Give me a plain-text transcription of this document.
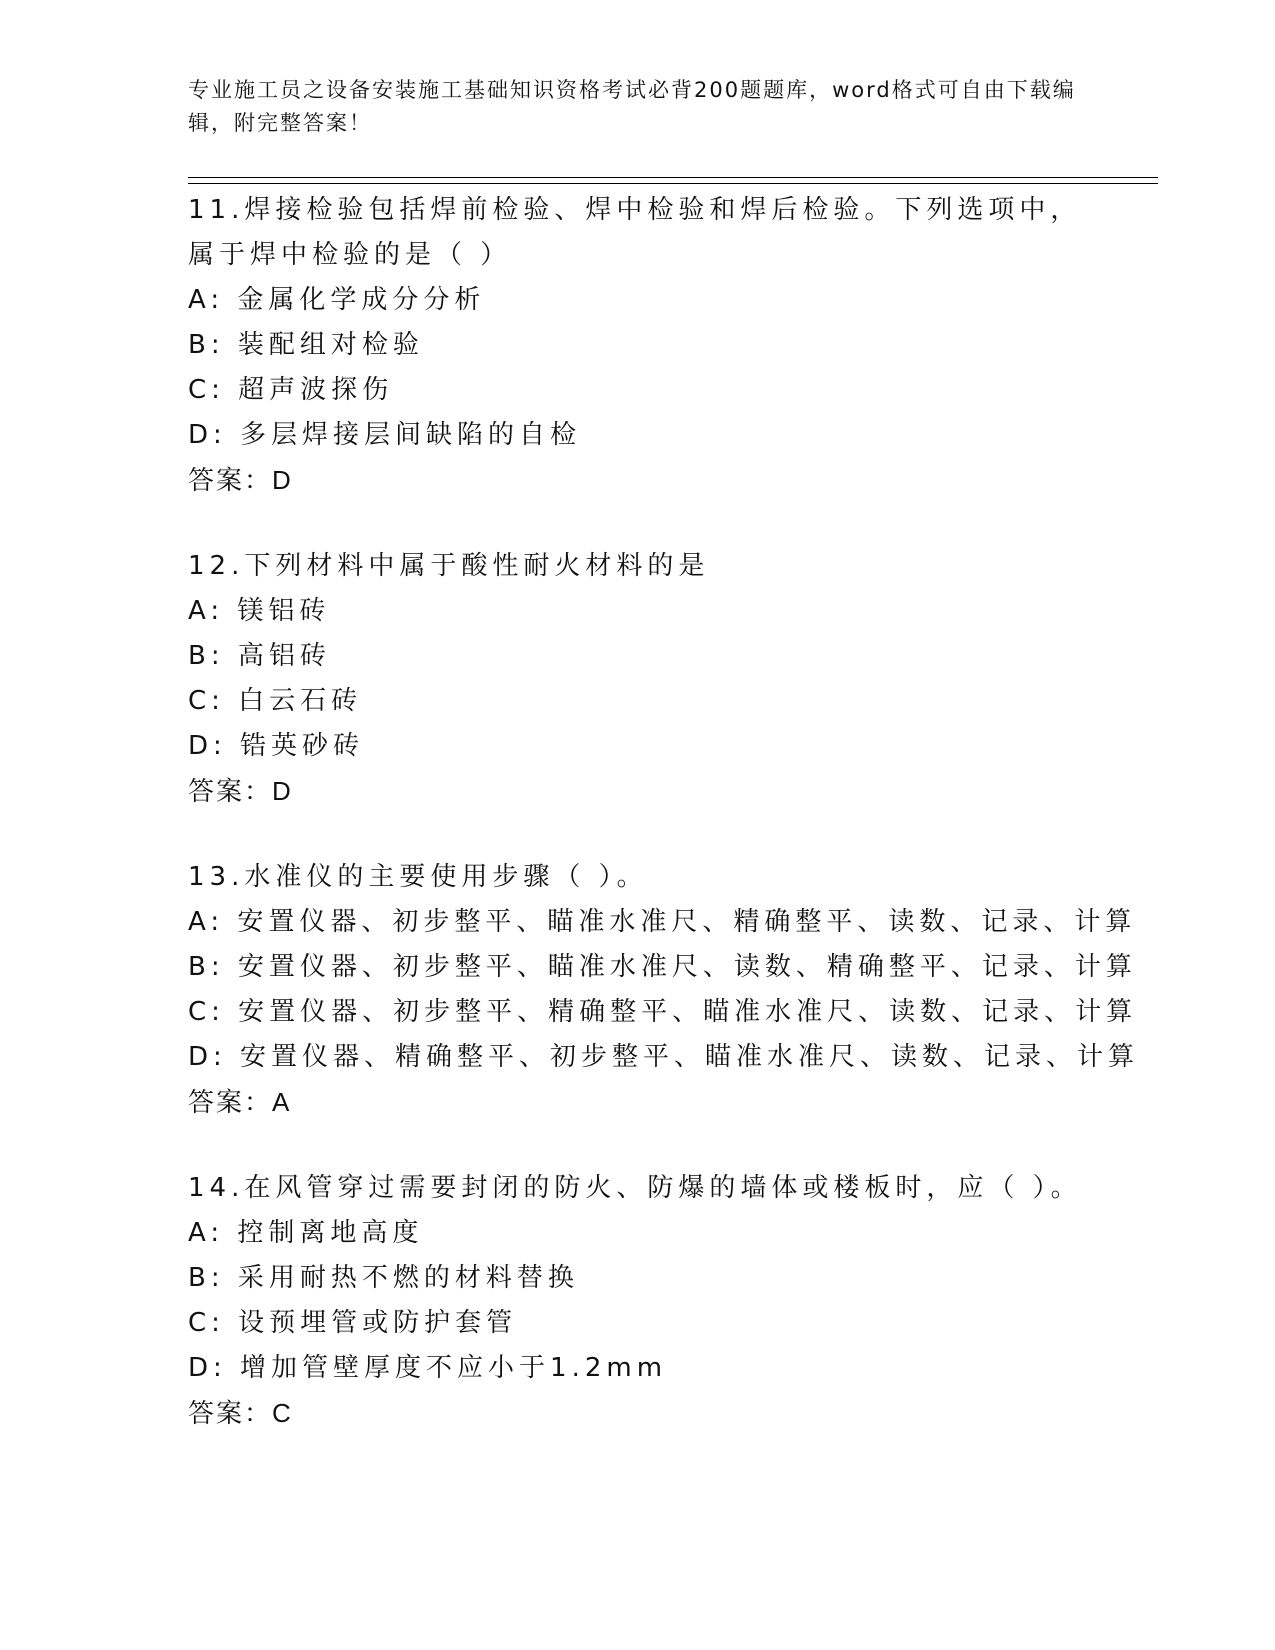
专业施工员之设备安装施工基础知识资格考试必背200题题库，word格式可自由下载编辑，附完整答案！

11.焊接检验包括焊前检验、焊中检验和焊后检验。下列选项中，属于焊中检验的是（ ）

A: 金属化学成分分析

B: 装配组对检验

C: 超声波探伤

D: 多层焊接层间缺陷的自检

答案：D

12.下列材料中属于酸性耐火材料的是

A: 镁铝砖

B: 高铝砖

C: 白云石砖

D: 锆英砂砖

答案：D

13.水准仪的主要使用步骤（ ）。

A: 安置仪器、初步整平、瞄准水准尺、精确整平、读数、记录、计算

B: 安置仪器、初步整平、瞄准水准尺、读数、精确整平、记录、计算

C: 安置仪器、初步整平、精确整平、瞄准水准尺、读数、记录、计算

D: 安置仪器、精确整平、初步整平、瞄准水准尺、读数、记录、计算

答案：A

14.在风管穿过需要封闭的防火、防爆的墙体或楼板时，应（ ）。

A: 控制离地高度

B: 采用耐热不燃的材料替换

C: 设预埋管或防护套管

D: 增加管壁厚度不应小于1.2mm

答案：C
